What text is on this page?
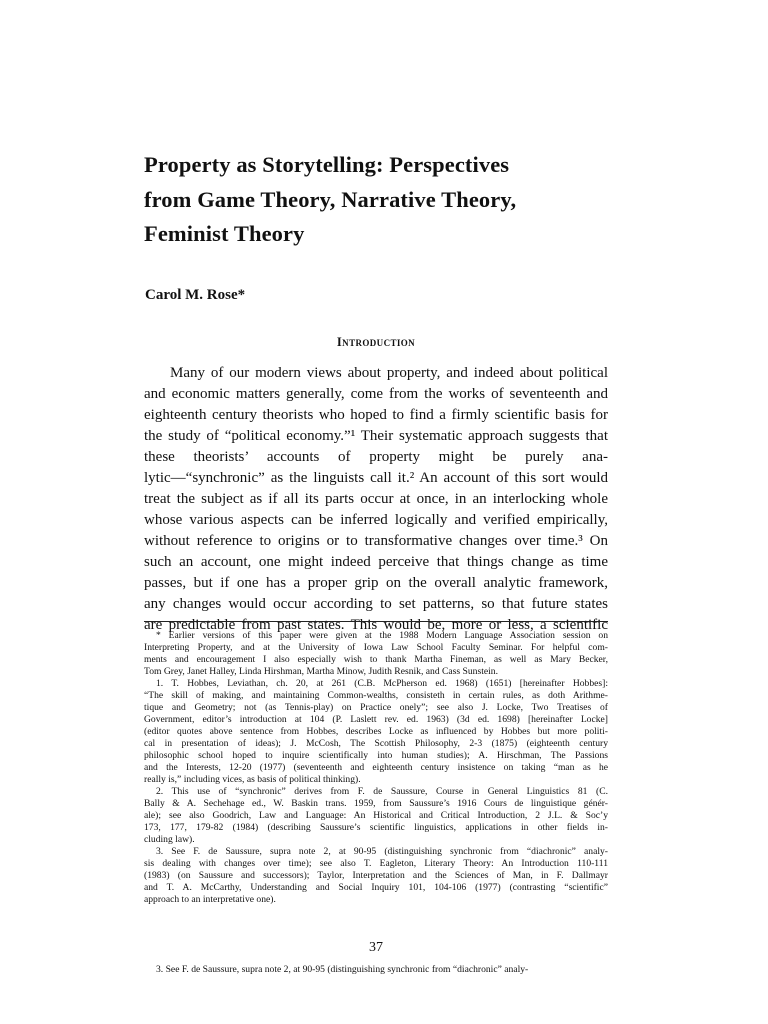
Property as Storytelling: Perspectives
from Game Theory, Narrative Theory,
Feminist Theory

Carol M. Rose*

Introduction
Many of our modern views about property, and indeed about political
and economic matters generally, come from the works of seventeenth and
eighteenth century theorists who hoped to find a firmly scientific basis for
the study of “political economy.”¹ Their systematic approach suggests that
these theorists’ accounts of property might be purely ana-
lytic—“synchronic” as the linguists call it.² An account of this sort would
treat the subject as if all its parts occur at once, in an interlocking whole
whose various aspects can be inferred logically and verified empirically,
without reference to origins or to transformative changes over time.³ On
such an account, one might indeed perceive that things change as time
passes, but if one has a proper grip on the overall analytic framework,
any changes would occur according to set patterns, so that future states
are predictable from past states. This would be, more or less, a scientific
* Earlier versions of this paper were given at the 1988 Modern Language Association session on
Interpreting Property, and at the University of Iowa Law School Faculty Seminar. For helpful com-
ments and encouragement I also especially wish to thank Martha Fineman, as well as Mary Becker,
Tom Grey, Janet Halley, Linda Hirshman, Martha Minow, Judith Resnik, and Cass Sunstein.
1. T. Hobbes, Leviathan, ch. 20, at 261 (C.B. McPherson ed. 1968) (1651) [hereinafter Hobbes]:
“The skill of making, and maintaining Common-wealths, consisteth in certain rules, as doth Arithme-
tique and Geometry; not (as Tennis-play) on Practice onely”; see also J. Locke, Two Treatises of
Government, editor’s introduction at 104 (P. Laslett rev. ed. 1963) (3d ed. 1698) [hereinafter Locke]
(editor quotes above sentence from Hobbes, describes Locke as influenced by Hobbes but more politi-
cal in presentation of ideas); J. McCosh, The Scottish Philosophy, 2-3 (1875) (eighteenth century
philosophic school hoped to inquire scientifically into human studies); A. Hirschman, The Passions
and the Interests, 12-20 (1977) (seventeenth and eighteenth century insistence on taking “man as he
really is,” including vices, as basis of political thinking).
2. This use of “synchronic” derives from F. de Saussure, Course in General Linguistics 81 (C.
Bally & A. Sechehage ed., W. Baskin trans. 1959, from Saussure’s 1916 Cours de linguistique génér-
ale); see also Goodrich, Law and Language: An Historical and Critical Introduction, 2 J.L. & Soc’y
173, 177, 179-82 (1984) (describing Saussure’s scientific linguistics, applications in other fields in-
cluding law).
3. See F. de Saussure, supra note 2, at 90-95 (distinguishing synchronic from “diachronic” analy-
sis dealing with changes over time); see also T. Eagleton, Literary Theory: An Introduction 110-111
(1983) (on Saussure and successors); Taylor, Interpretation and the Sciences of Man, in F. Dallmayr
and T. A. McCarthy, Understanding and Social Inquiry 101, 104-106 (1977) (contrasting “scientific”
approach to an interpretative one).

37

3. See F. de Saussure, supra note 2, at 90-95 (distinguishing synchronic from “diachronic” analy-
